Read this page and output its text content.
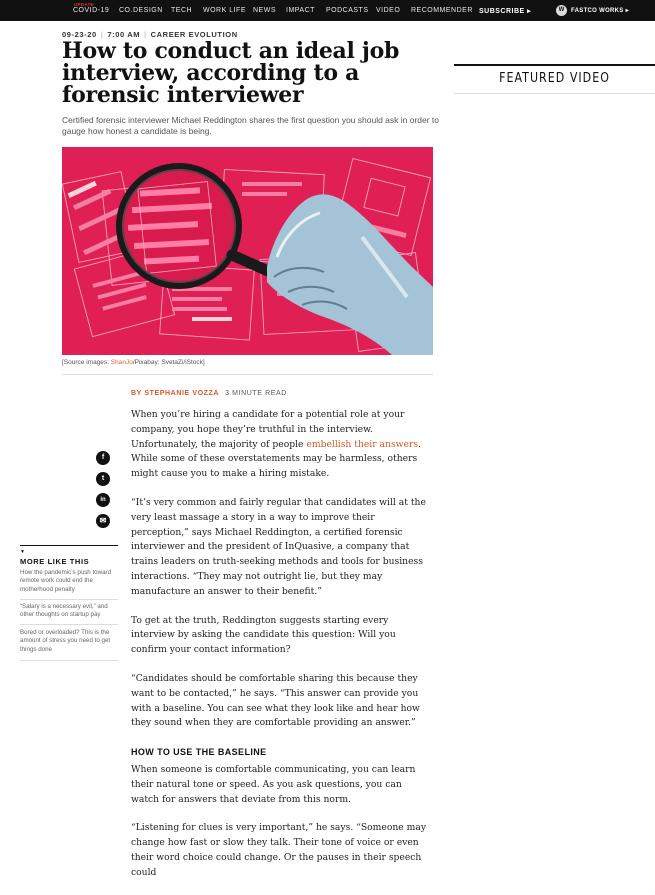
UPDATE
COVID-19 CO.DESIGN TECH WORK LIFE NEWS IMPACT PODCASTS VIDEO RECOMMENDER SUBSCRIBE ▸	W	FASTCO WORKS ▸
09-23-20 | 7:00 AM | CAREER EVOLUTION
How to conduct an ideal job interview, according to a forensic interviewer

Certified forensic interviewer Michael Reddington shares the first question you should ask in order to gauge how honest a candidate is being.

[Source images: ShanJo/Pixabay; SvetaZi/iStock]
FEATURED VIDEO
BY STEPHANIE VOZZA 3 MINUTE READ
f
t
in
✉
▼
MORE LIKE THIS
How the pandemic’s push toward remote work could end the motherhood penalty
“Salary is a necessary evil,” and other thoughts on startup pay
Bored or overloaded? This is the amount of stress you need to get things done

When you’re hiring a candidate for a potential role at your company, you hope they’re truthful in the interview. Unfortunately, the majority of people embellish their answers. While some of these overstatements may be harmless, others might cause you to make a hiring mistake.

“It’s very common and fairly regular that candidates will at the very least massage a story in a way to improve their perception,” says Michael Reddington, a certified forensic interviewer and the president of InQuasive, a company that trains leaders on truth-seeking methods and tools for business interactions. “They may not outright lie, but they may manufacture an answer to their benefit.”

To get at the truth, Reddington suggests starting every interview by asking the candidate this question: Will you confirm your contact information?

“Candidates should be comfortable sharing this because they want to be contacted,” he says. “This answer can provide you with a baseline. You can see what they look like and hear how they sound when they are comfortable providing an answer.”

HOW TO USE THE BASELINE

When someone is comfortable communicating, you can learn their natural tone or speed. As you ask questions, you can watch for answers that deviate from this norm.

“Listening for clues is very important,” he says. “Someone may change how fast or slow they talk. Their tone of voice or even their word choice could change. Or the pauses in their speech could
